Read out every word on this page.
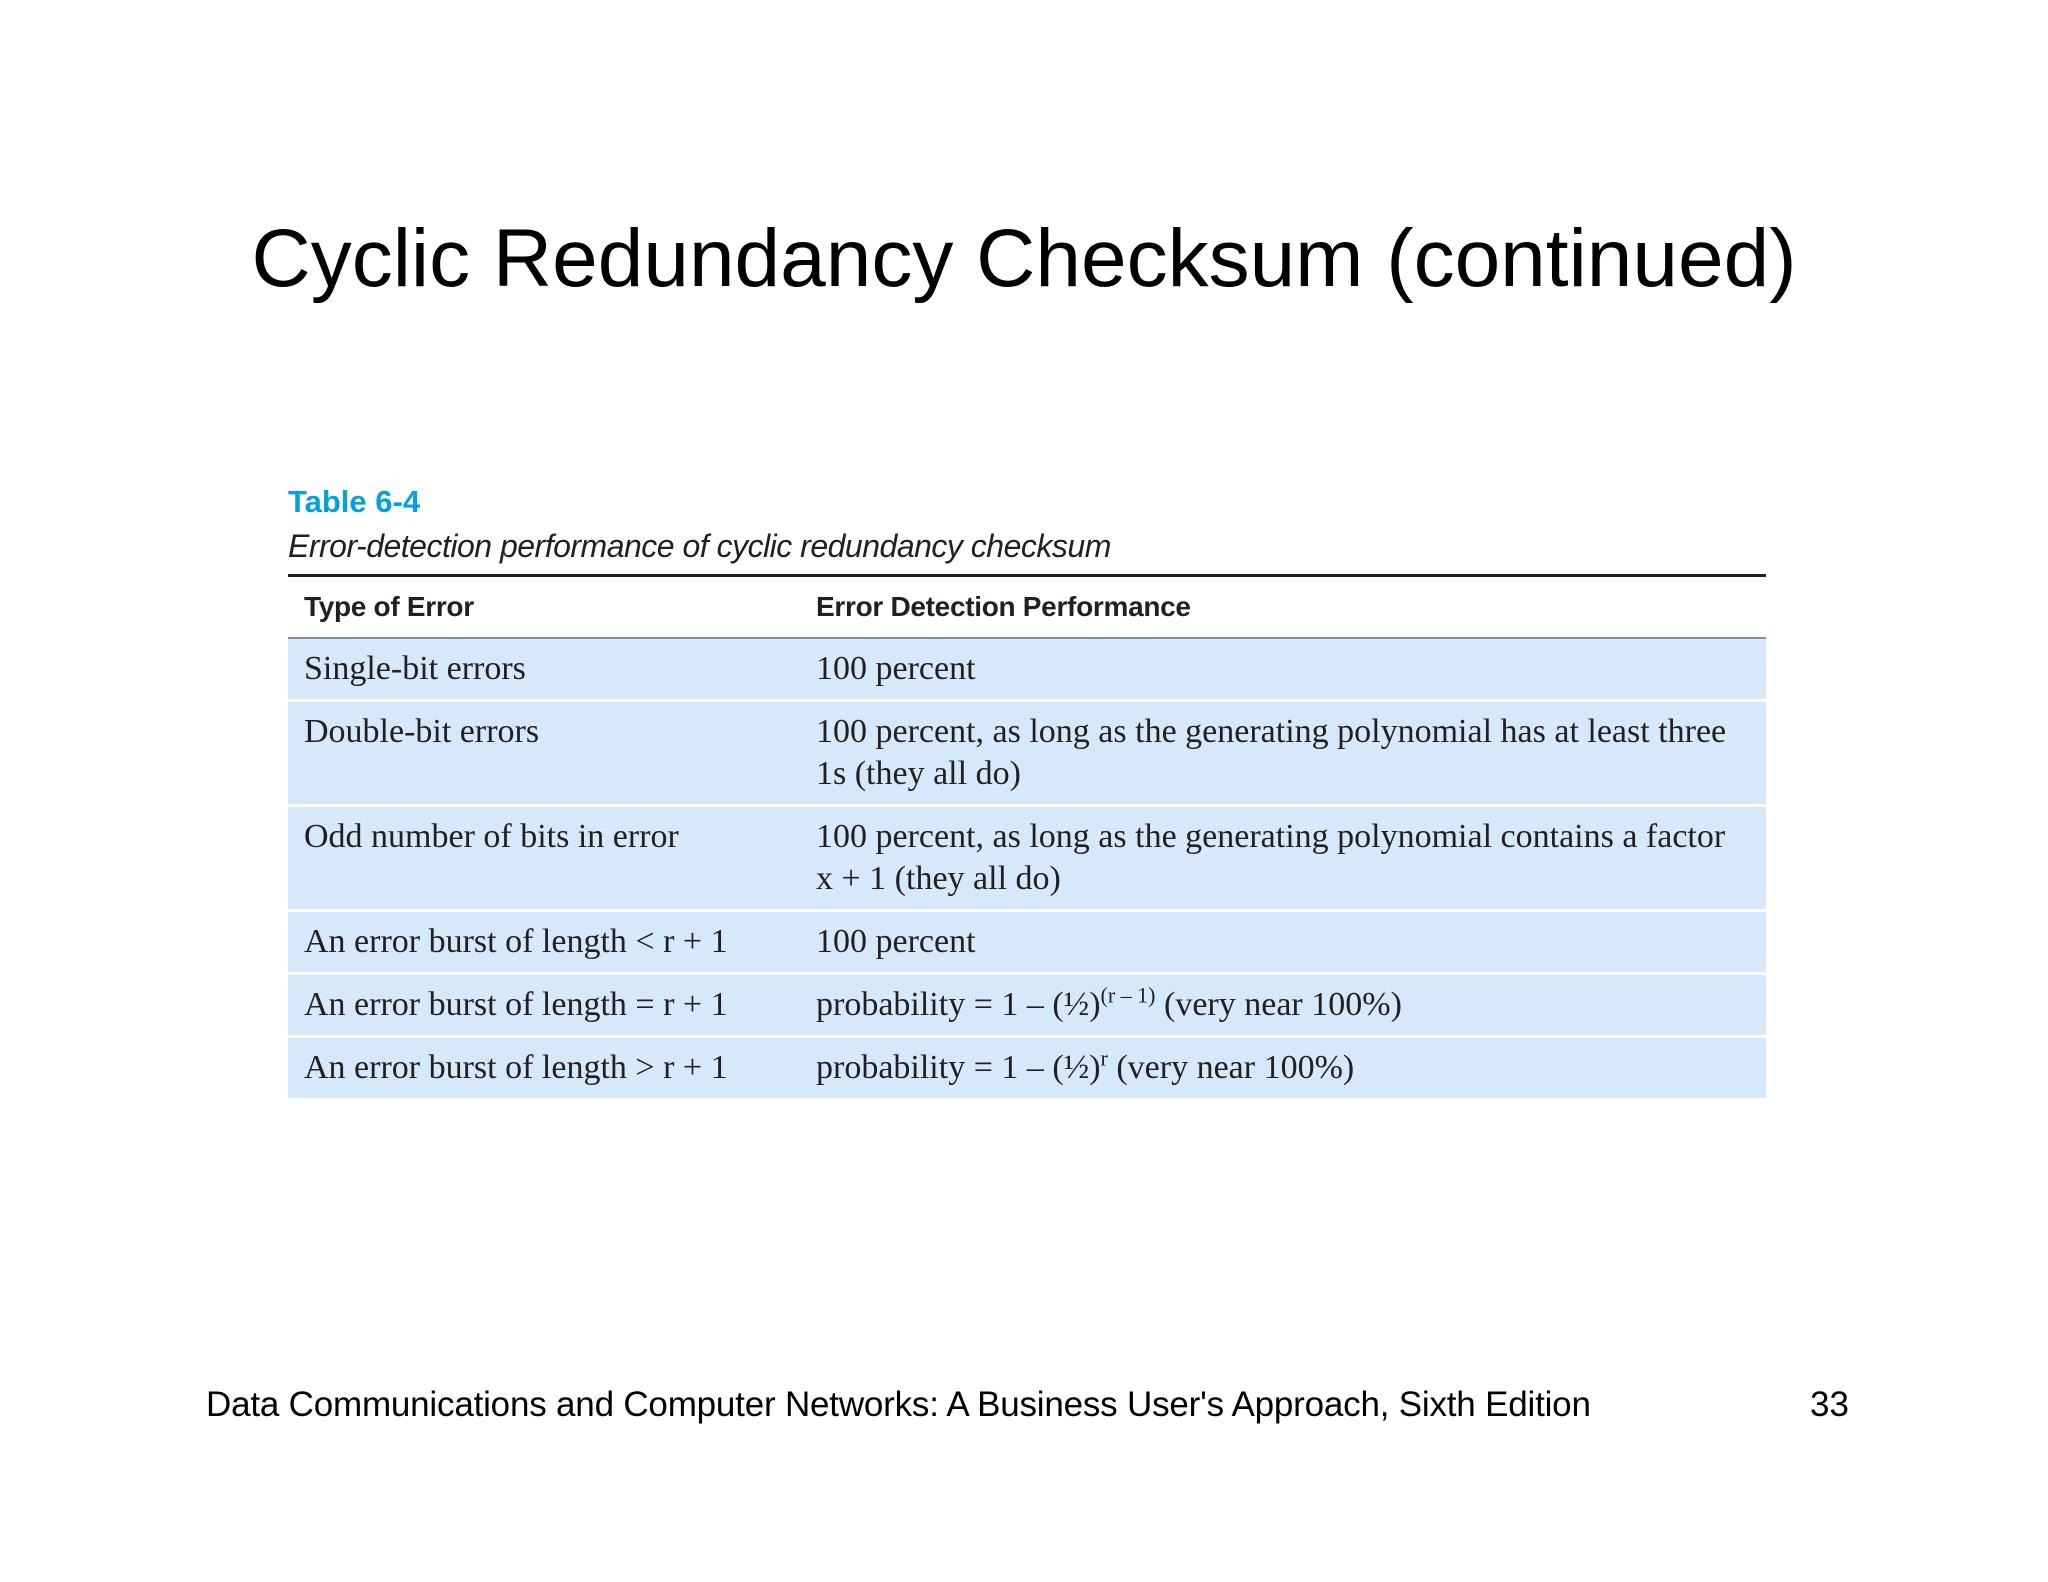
Cyclic Redundancy Checksum (continued)
Table 6-4
Error-detection performance of cyclic redundancy checksum
Type of Error	Error Detection Performance
Single-bit errors	100 percent
Double-bit errors	100 percent, as long as the generating polynomial has at least three 1s (they all do)
Odd number of bits in error	100 percent, as long as the generating polynomial contains a factor x + 1 (they all do)
An error burst of length < r + 1	100 percent
An error burst of length = r + 1	probability = 1 – (½)$^{(r - 1)}$ (very near 100%)
An error burst of length > r + 1	probability = 1 – (½)$^r$ (very near 100%)
Data Communications and Computer Networks: A Business User's Approach, Sixth Edition	33
